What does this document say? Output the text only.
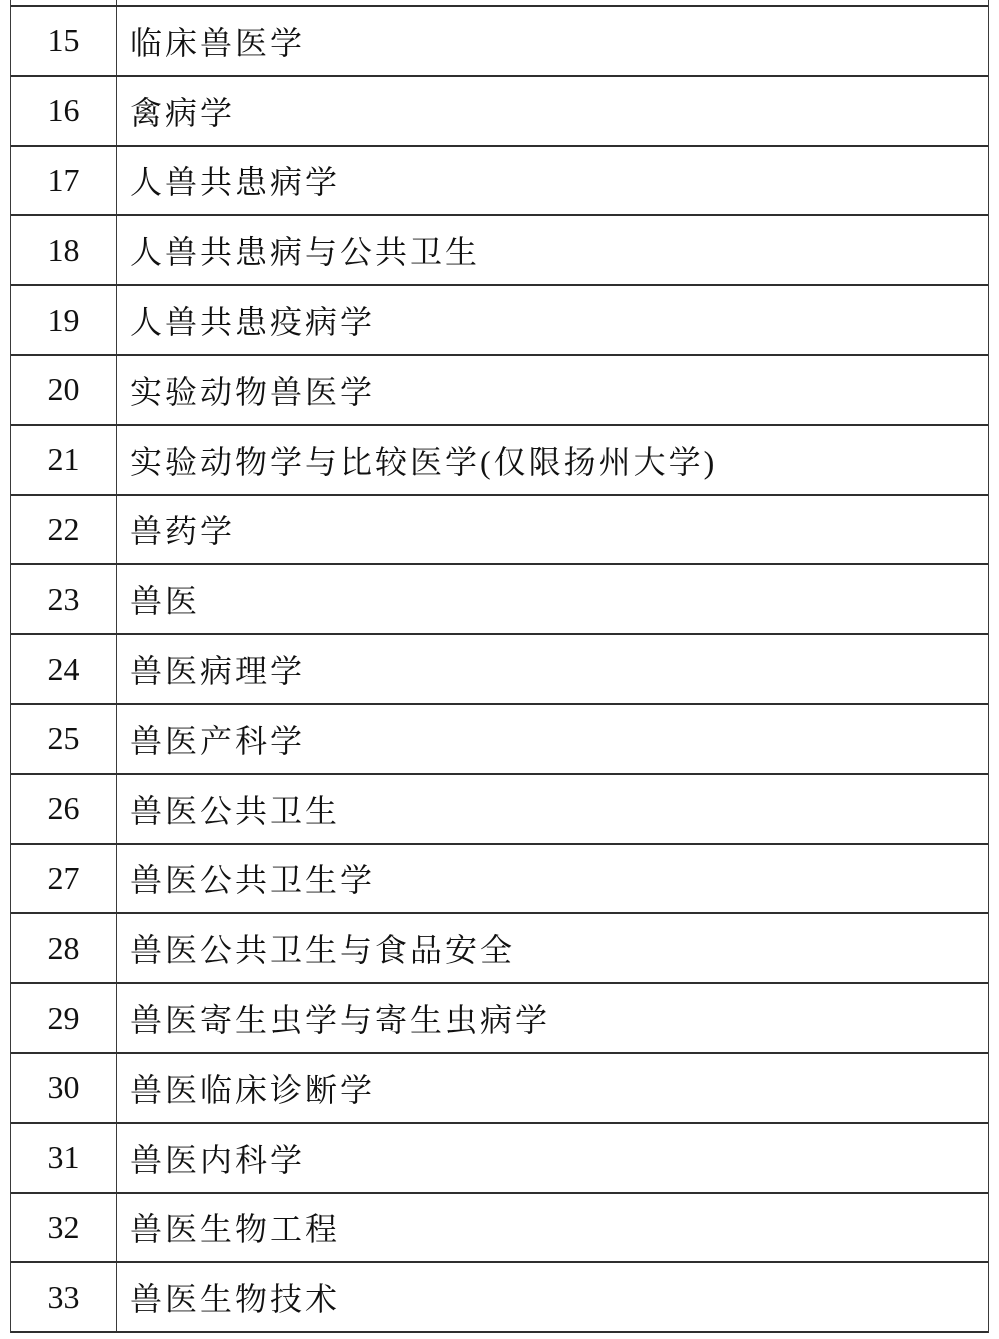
15	临床兽医学
16	禽病学
17	人兽共患病学
18	人兽共患病与公共卫生
19	人兽共患疫病学
20	实验动物兽医学
21	实验动物学与比较医学(仅限扬州大学)
22	兽药学
23	兽医
24	兽医病理学
25	兽医产科学
26	兽医公共卫生
27	兽医公共卫生学
28	兽医公共卫生与食品安全
29	兽医寄生虫学与寄生虫病学
30	兽医临床诊断学
31	兽医内科学
32	兽医生物工程
33	兽医生物技术
